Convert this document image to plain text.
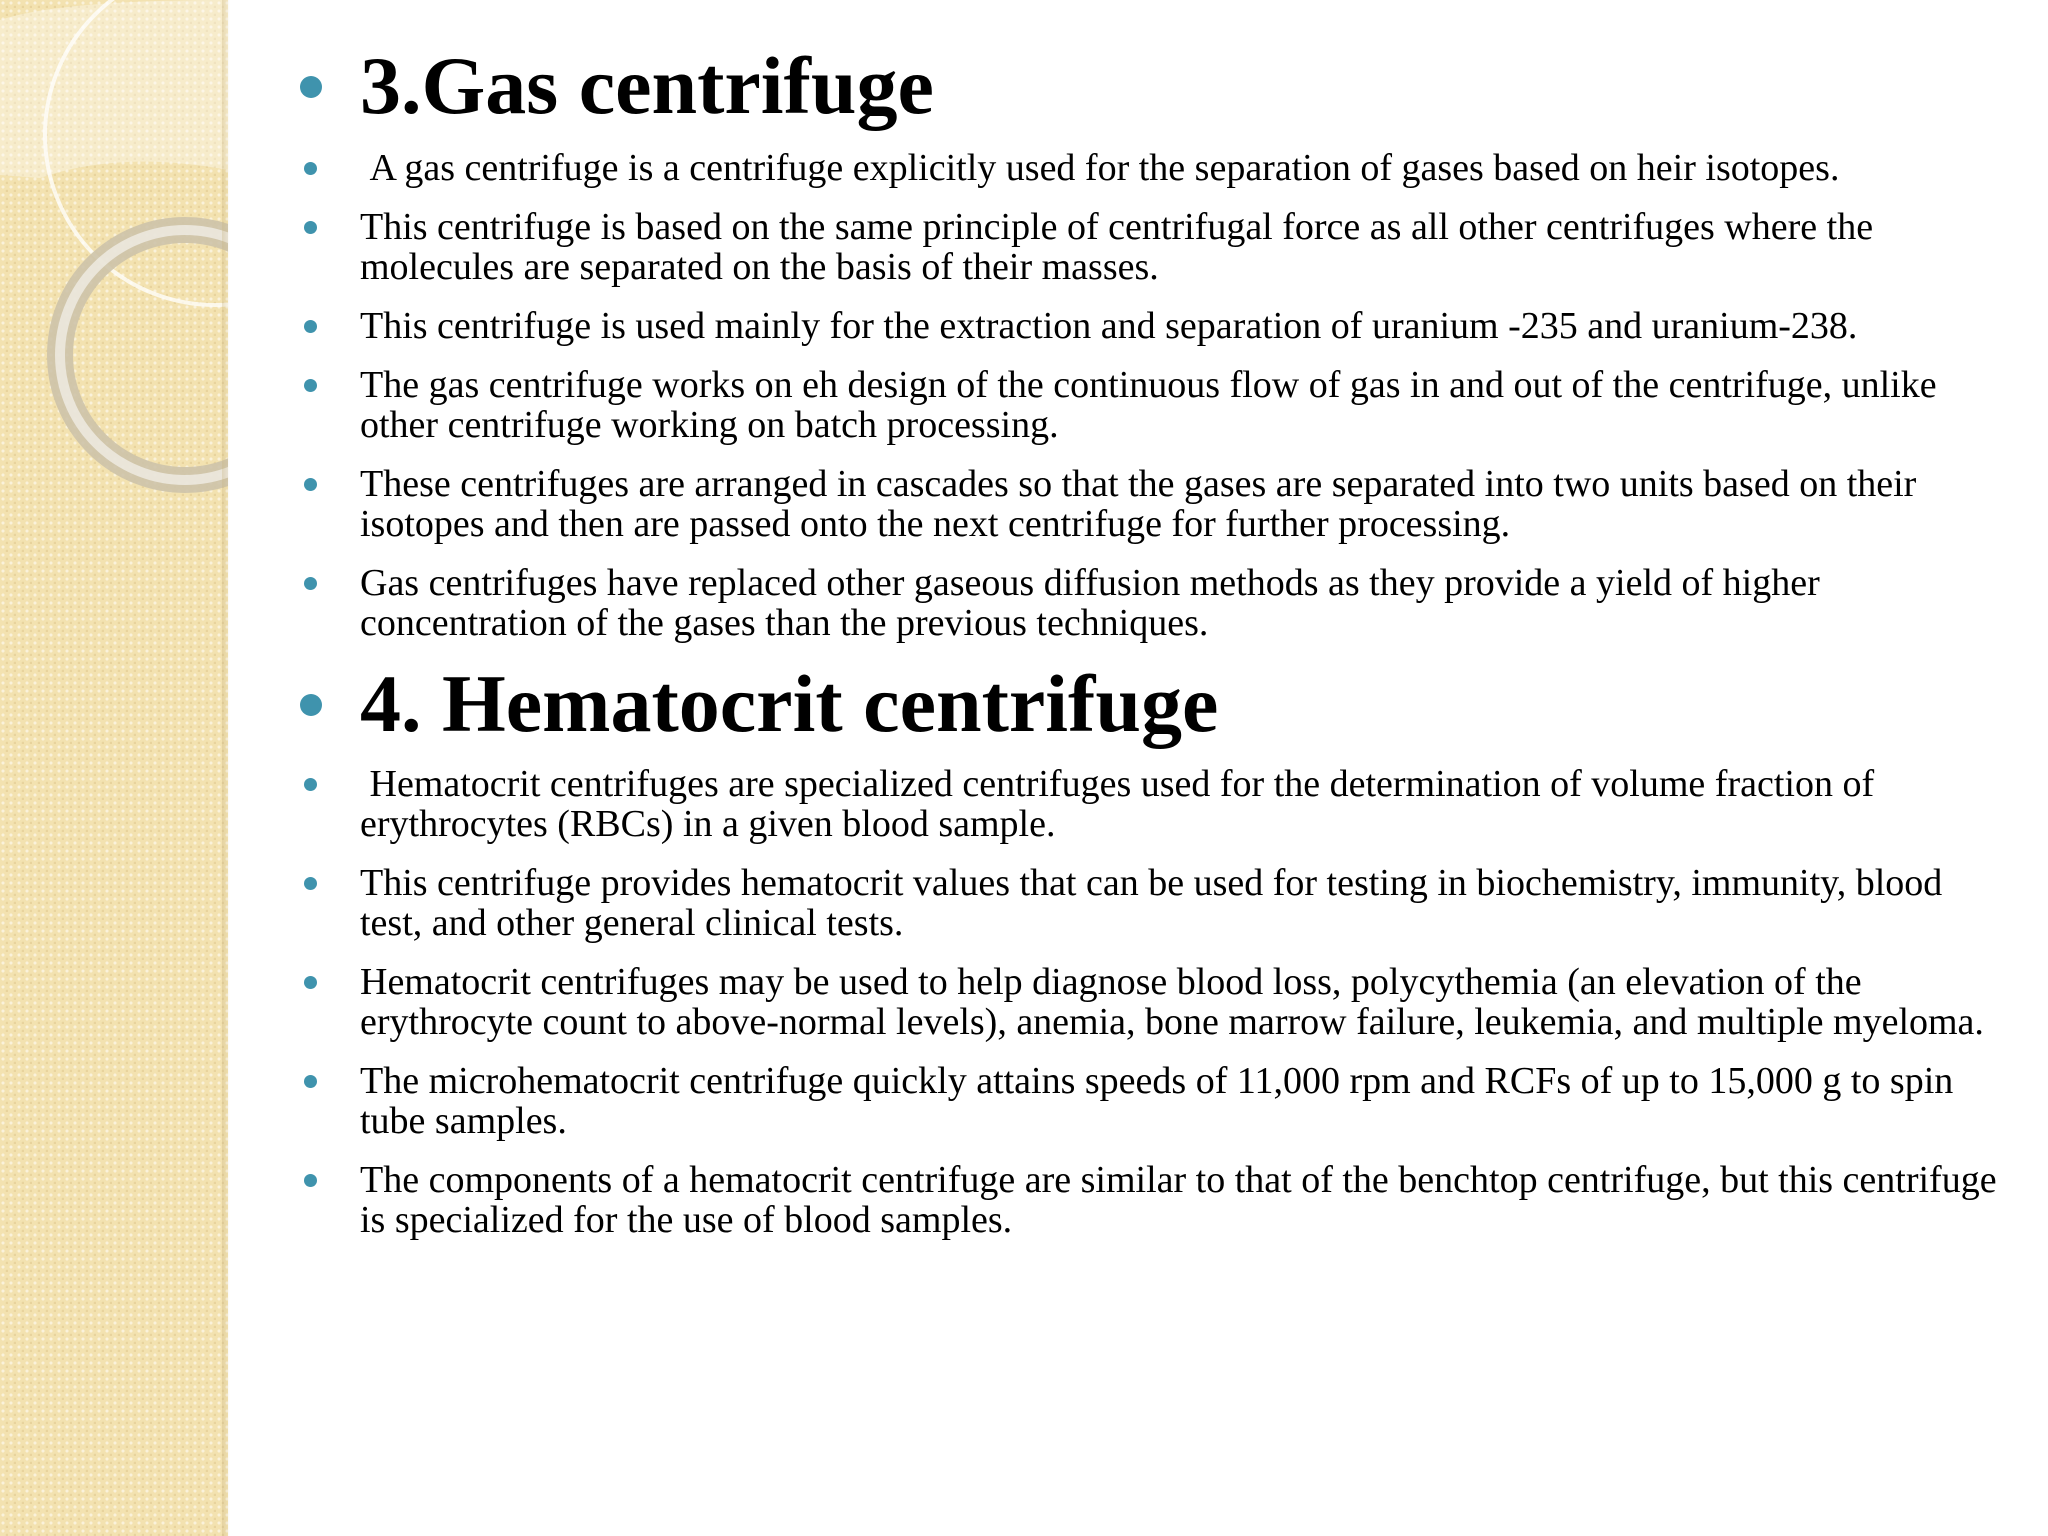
3.Gas centrifuge
A gas centrifuge is a centrifuge explicitly used for the separation of gases based on heir isotopes.
This centrifuge is based on the same principle of centrifugal force as all other centrifuges where the molecules are separated on the basis of their masses.
This centrifuge is used mainly for the extraction and separation of uranium -235 and uranium-238.
The gas centrifuge works on eh design of the continuous flow of gas in and out of the centrifuge, unlike other centrifuge working on batch processing.
These centrifuges are arranged in cascades so that the gases are separated into two units based on their isotopes and then are passed onto the next centrifuge for further processing.
Gas centrifuges have replaced other gaseous diffusion methods as they provide a yield of higher concentration of the gases than the previous techniques.
4. Hematocrit centrifuge
Hematocrit centrifuges are specialized centrifuges used for the determination of volume fraction of erythrocytes (RBCs) in a given blood sample.
This centrifuge provides hematocrit values that can be used for testing in biochemistry, immunity, blood test, and other general clinical tests.
Hematocrit centrifuges may be used to help diagnose blood loss, polycythemia (an elevation of the erythrocyte count to above-normal levels), anemia, bone marrow failure, leukemia, and multiple myeloma.
The microhematocrit centrifuge quickly attains speeds of 11,000 rpm and RCFs of up to 15,000 g to spin tube samples.
The components of a hematocrit centrifuge are similar to that of the benchtop centrifuge, but this centrifuge is specialized for the use of blood samples.
